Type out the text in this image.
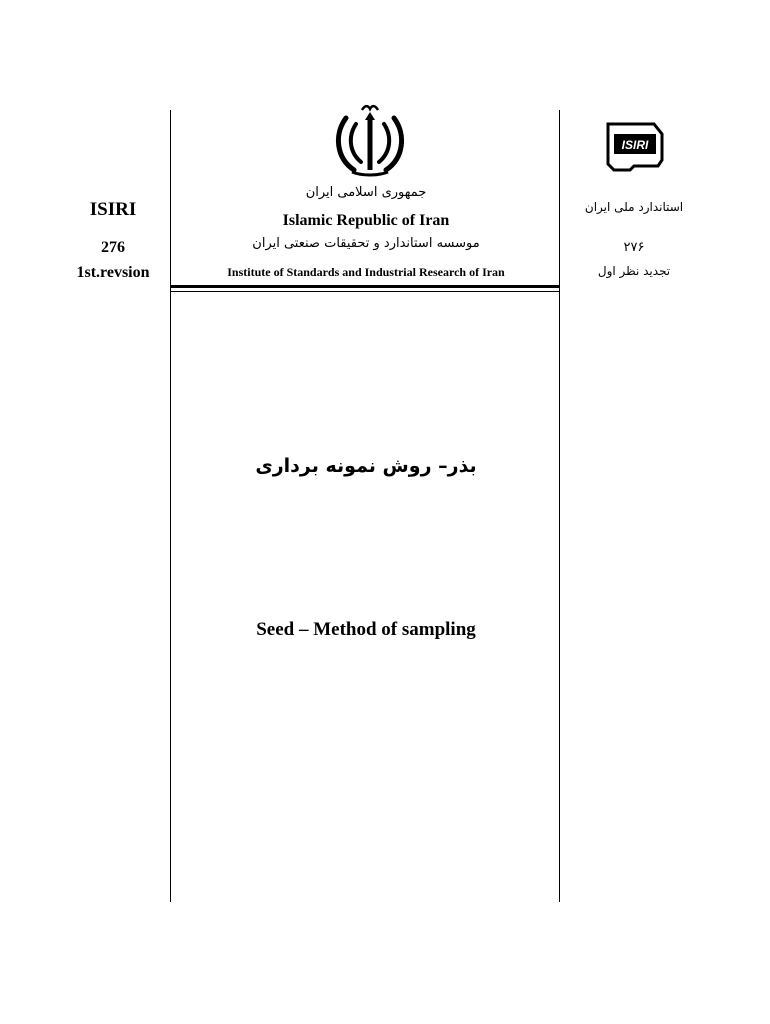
ISIRI
ISIRI
276
1st.revsion
استاندارد ملی ایران
۲۷۶
تجدید نظر اول
جمهوری اسلامی ایران
Islamic Republic of Iran
موسسه استاندارد و تحقیقات صنعتی ایران
Institute of Standards and Industrial Research of Iran
بذر– روش نمونه برداری
Seed – Method of sampling
